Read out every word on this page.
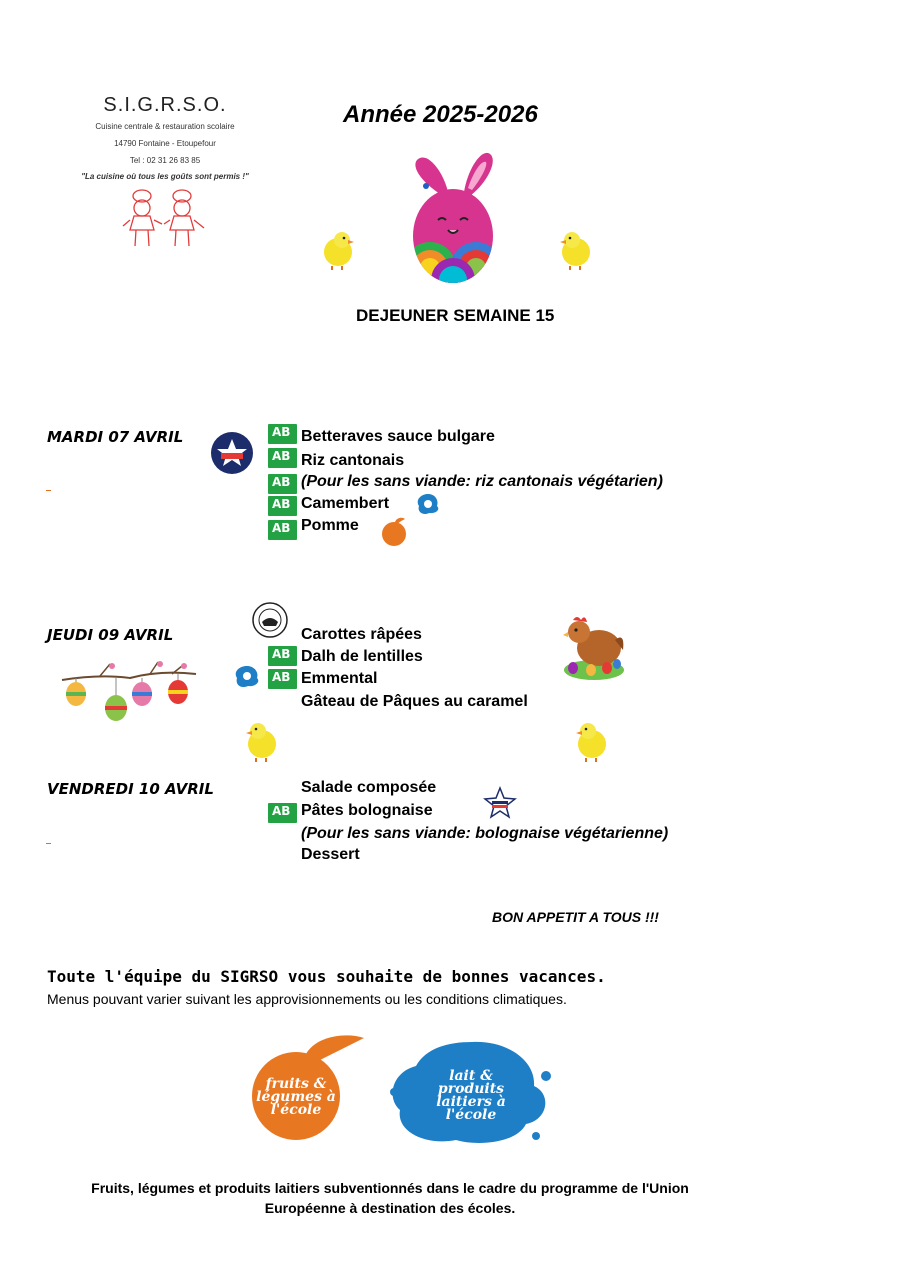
S.I.G.R.S.O.
Cuisine centrale & restauration scolaire
14790 Fontaine - Etoupefour
Tel : 02 31 26 83 85
"La cuisine où tous les goûts sont permis !"
Année 2025-2026
DEJEUNER SEMAINE 15
MARDI 07 AVRIL
AB
AB
AB
AB
AB	Betteraves sauce bulgare
Riz cantonais
(Pour les sans viande: riz cantonais végétarien)
Camembert
Pomme
JEUDI 09 AVRIL
AB
AB	Carottes râpées
Dalh de lentilles
Emmental
Gâteau de Pâques au caramel
VENDREDI 10 AVRIL
AB	Salade composée
Pâtes bolognaise
(Pour les sans viande: bolognaise végétarienne)
Dessert
BON APPETIT A TOUS !!!
Toute l'équipe du SIGRSO vous souhaite de bonnes vacances.
Menus pouvant varier suivant les approvisionnements ou les conditions climatiques.
fruits & légumes à l'école
lait & produits laitiers à l'école
Fruits, légumes et produits laitiers subventionnés dans le cadre du programme de l'Union Européenne à destination des écoles.
